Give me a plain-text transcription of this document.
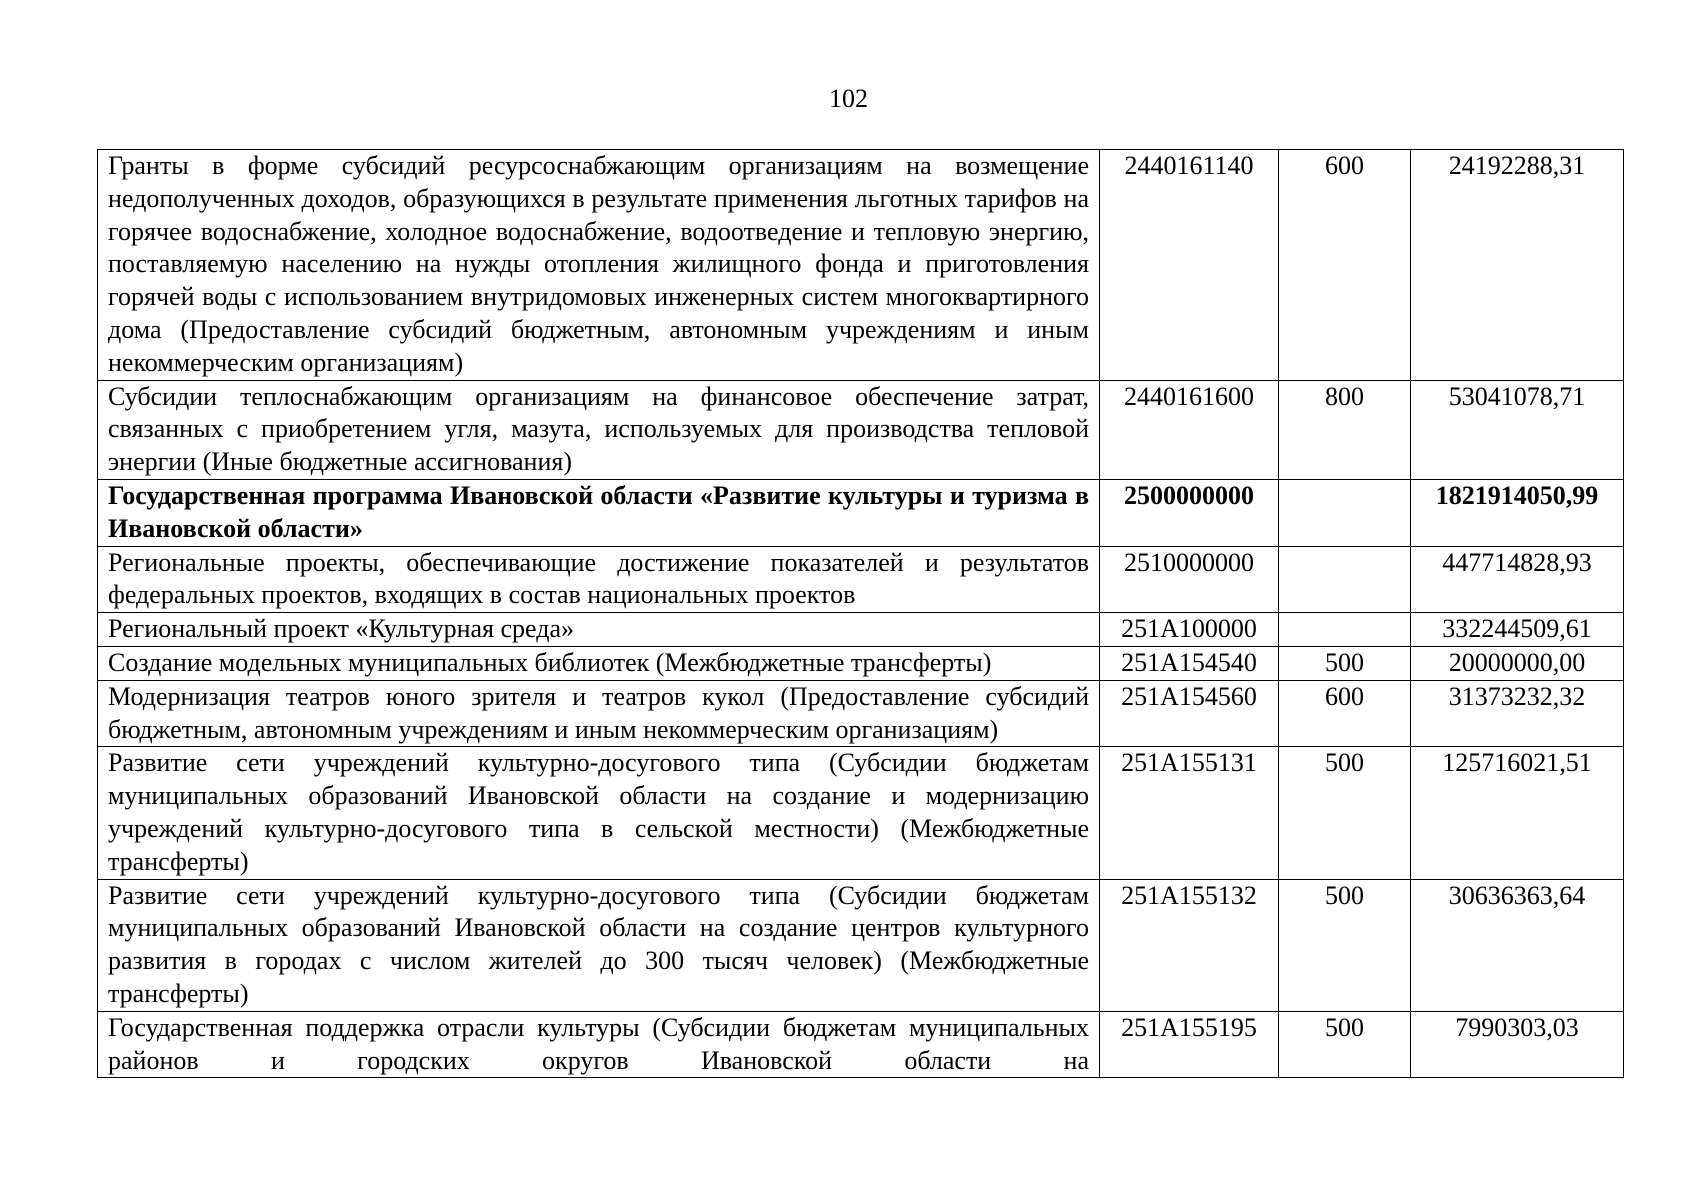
102
Гранты в форме субсидий ресурсоснабжающим организациям на возмещение недополученных доходов, образующихся в результате применения льготных тарифов на горячее водоснабжение, холодное водоснабжение, водоотведение и тепловую энергию, поставляемую населению на нужды отопления жилищного фонда и приготовления горячей воды с использованием внутридомовых инженерных систем многоквартирного дома (Предоставление субсидий бюджетным, автономным учреждениям и иным некоммерческим организациям)	2440161140	600	24192288,31
Субсидии теплоснабжающим организациям на финансовое обеспечение затрат, связанных с приобретением угля, мазута, используемых для производства тепловой энергии (Иные бюджетные ассигнования)	2440161600	800	53041078,71
Государственная программа Ивановской области «Развитие культуры и туризма в Ивановской области»	2500000000		1821914050,99
Региональные проекты, обеспечивающие достижение показателей и результатов федеральных проектов, входящих в состав национальных проектов	2510000000		447714828,93
Региональный проект «Культурная среда»	251A100000		332244509,61
Создание модельных муниципальных библиотек (Межбюджетные трансферты)	251A154540	500	20000000,00
Модернизация театров юного зрителя и театров кукол (Предоставление субсидий бюджетным, автономным учреждениям и иным некоммерческим организациям)	251A154560	600	31373232,32
Развитие сети учреждений культурно-досугового типа (Субсидии бюджетам муниципальных образований Ивановской области на создание и модернизацию учреждений культурно-досугового типа в сельской местности) (Межбюджетные трансферты)	251A155131	500	125716021,51
Развитие сети учреждений культурно-досугового типа (Субсидии бюджетам муниципальных образований Ивановской области на создание центров культурного развития в городах с числом жителей до 300 тысяч человек) (Межбюджетные трансферты)	251A155132	500	30636363,64
Государственная поддержка отрасли культуры (Субсидии бюджетам муниципальных районов и городских округов Ивановской области на	251A155195	500	7990303,03
